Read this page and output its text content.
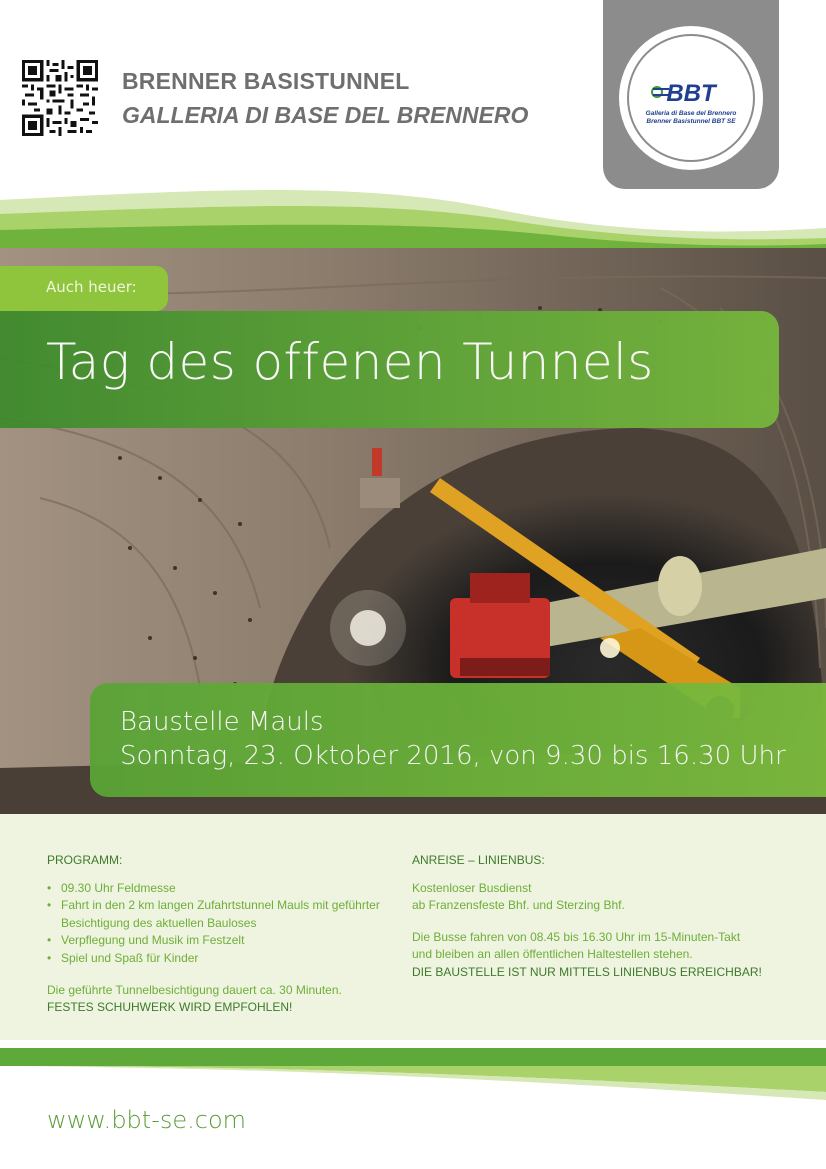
BRENNER BASISTUNNEL
GALLERIA DI BASE DEL BRENNERO
BBT
Galleria di Base del Brennero
Brenner Basistunnel BBT SE
Auch heuer:
Tag des offenen Tunnels
Baustelle Mauls
Sonntag, 23. Oktober 2016, von 9.30 bis 16.30 Uhr
PROGRAMM:
• 09.30 Uhr Feldmesse
• Fahrt in den 2 km langen Zufahrtstunnel Mauls mit geführter Besichtigung des aktuellen Bauloses
• Verpflegung und Musik im Festzelt
• Spiel und Spaß für Kinder
Die geführte Tunnelbesichtigung dauert ca. 30 Minuten.
FESTES SCHUHWERK WIRD EMPFOHLEN!
ANREISE – LINIENBUS:
Kostenloser Busdienst
ab Franzensfeste Bhf. und Sterzing Bhf.
Die Busse fahren von 08.45 bis 16.30 Uhr im 15-Minuten-Takt
und bleiben an allen öffentlichen Haltestellen stehen.
DIE BAUSTELLE IST NUR MITTELS LINIENBUS ERREICHBAR!
www.bbt-se.com
